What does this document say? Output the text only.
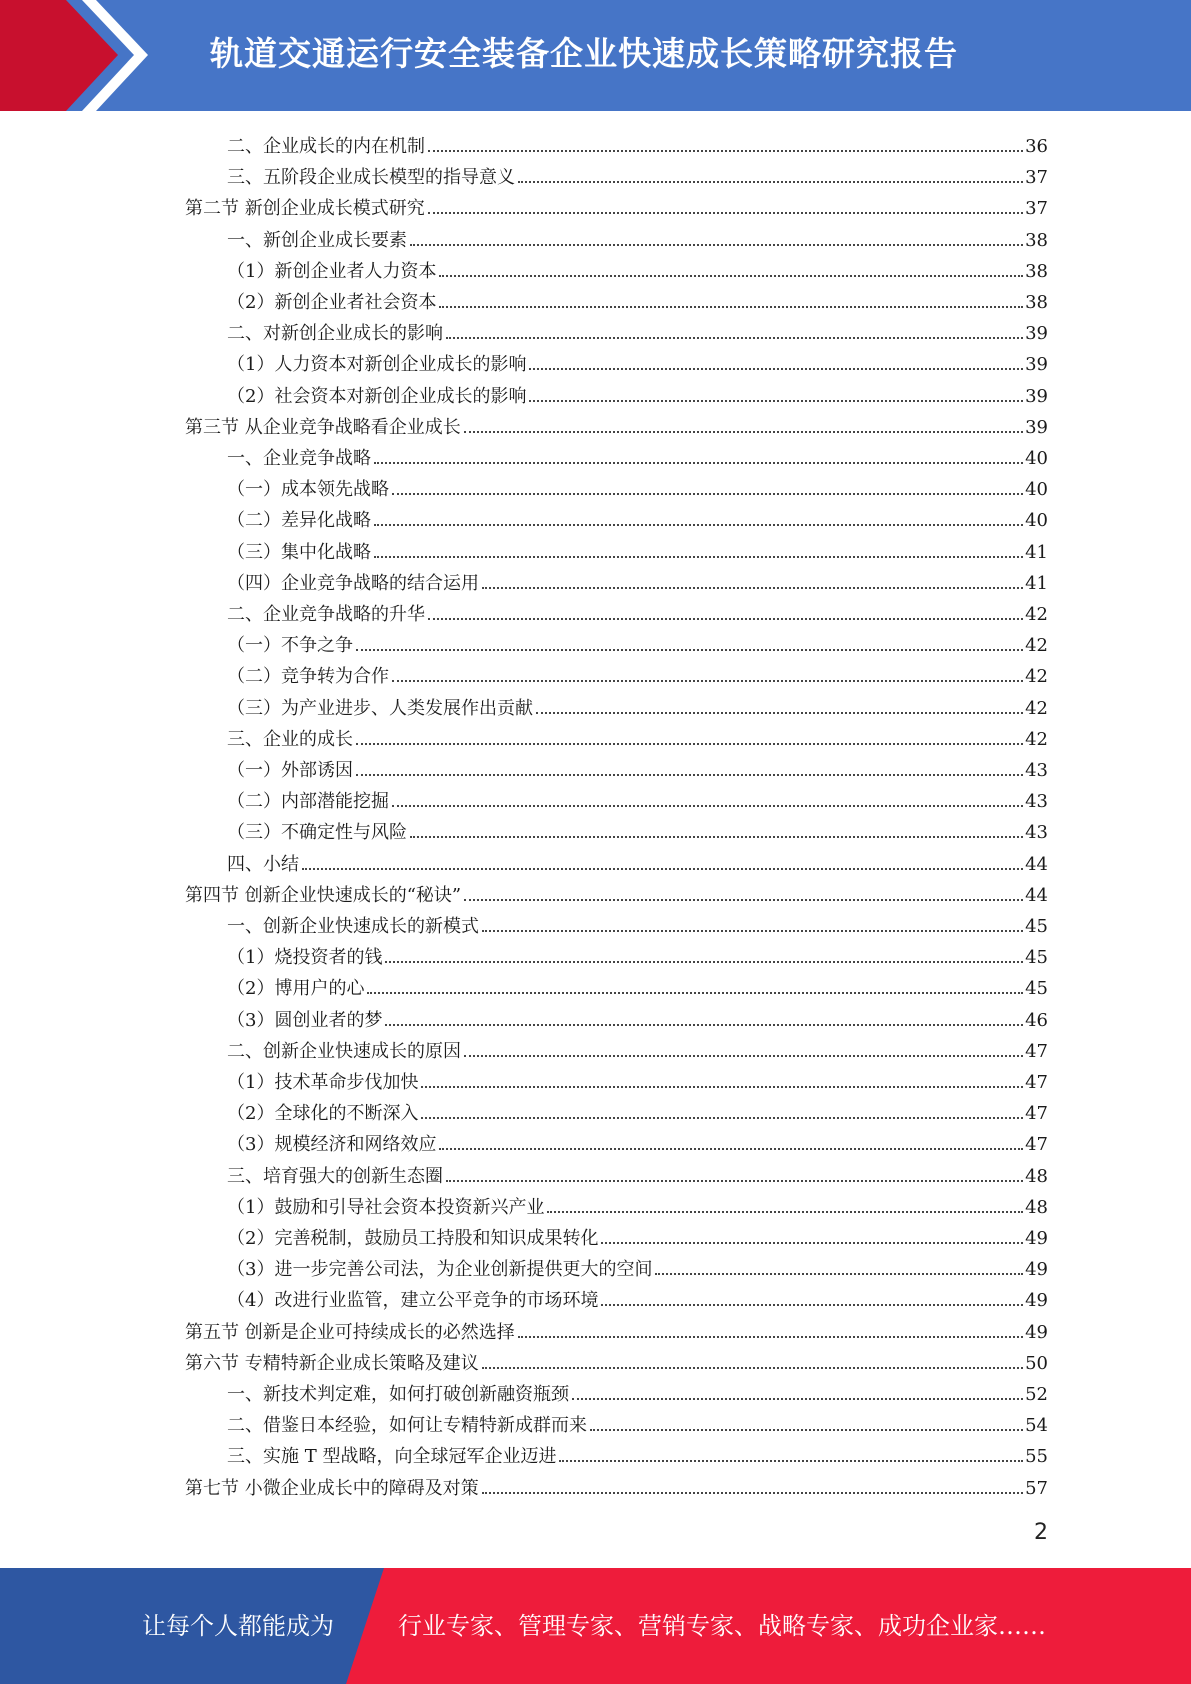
轨道交通运行安全装备企业快速成长策略研究报告
二、企业成长的内在机制	36
三、五阶段企业成长模型的指导意义	37
第二节 新创企业成长模式研究	37
一、新创企业成长要素	38
（1）新创企业者人力资本	38
（2）新创企业者社会资本	38
二、对新创企业成长的影响	39
（1）人力资本对新创企业成长的影响	39
（2）社会资本对新创企业成长的影响	39
第三节 从企业竞争战略看企业成长	39
一、企业竞争战略	40
（一）成本领先战略	40
（二）差异化战略	40
（三）集中化战略	41
（四）企业竞争战略的结合运用	41
二、企业竞争战略的升华	42
（一）不争之争	42
（二）竞争转为合作	42
（三）为产业进步、人类发展作出贡献	42
三、企业的成长	42
（一）外部诱因	43
（二）内部潜能挖掘	43
（三）不确定性与风险	43
四、小结	44
第四节 创新企业快速成长的“秘诀”	44
一、创新企业快速成长的新模式	45
（1）烧投资者的钱	45
（2）博用户的心	45
（3）圆创业者的梦	46
二、创新企业快速成长的原因	47
（1）技术革命步伐加快	47
（2）全球化的不断深入	47
（3）规模经济和网络效应	47
三、培育强大的创新生态圈	48
（1）鼓励和引导社会资本投资新兴产业	48
（2）完善税制，鼓励员工持股和知识成果转化	49
（3）进一步完善公司法，为企业创新提供更大的空间	49
（4）改进行业监管，建立公平竞争的市场环境	49
第五节 创新是企业可持续成长的必然选择	49
第六节 专精特新企业成长策略及建议	50
一、新技术判定难，如何打破创新融资瓶颈	52
二、借鉴日本经验，如何让专精特新成群而来	54
三、实施 T 型战略，向全球冠军企业迈进	55
第七节 小微企业成长中的障碍及对策	57
2
让每个人都能成为	行业专家、管理专家、营销专家、战略专家、成功企业家……
